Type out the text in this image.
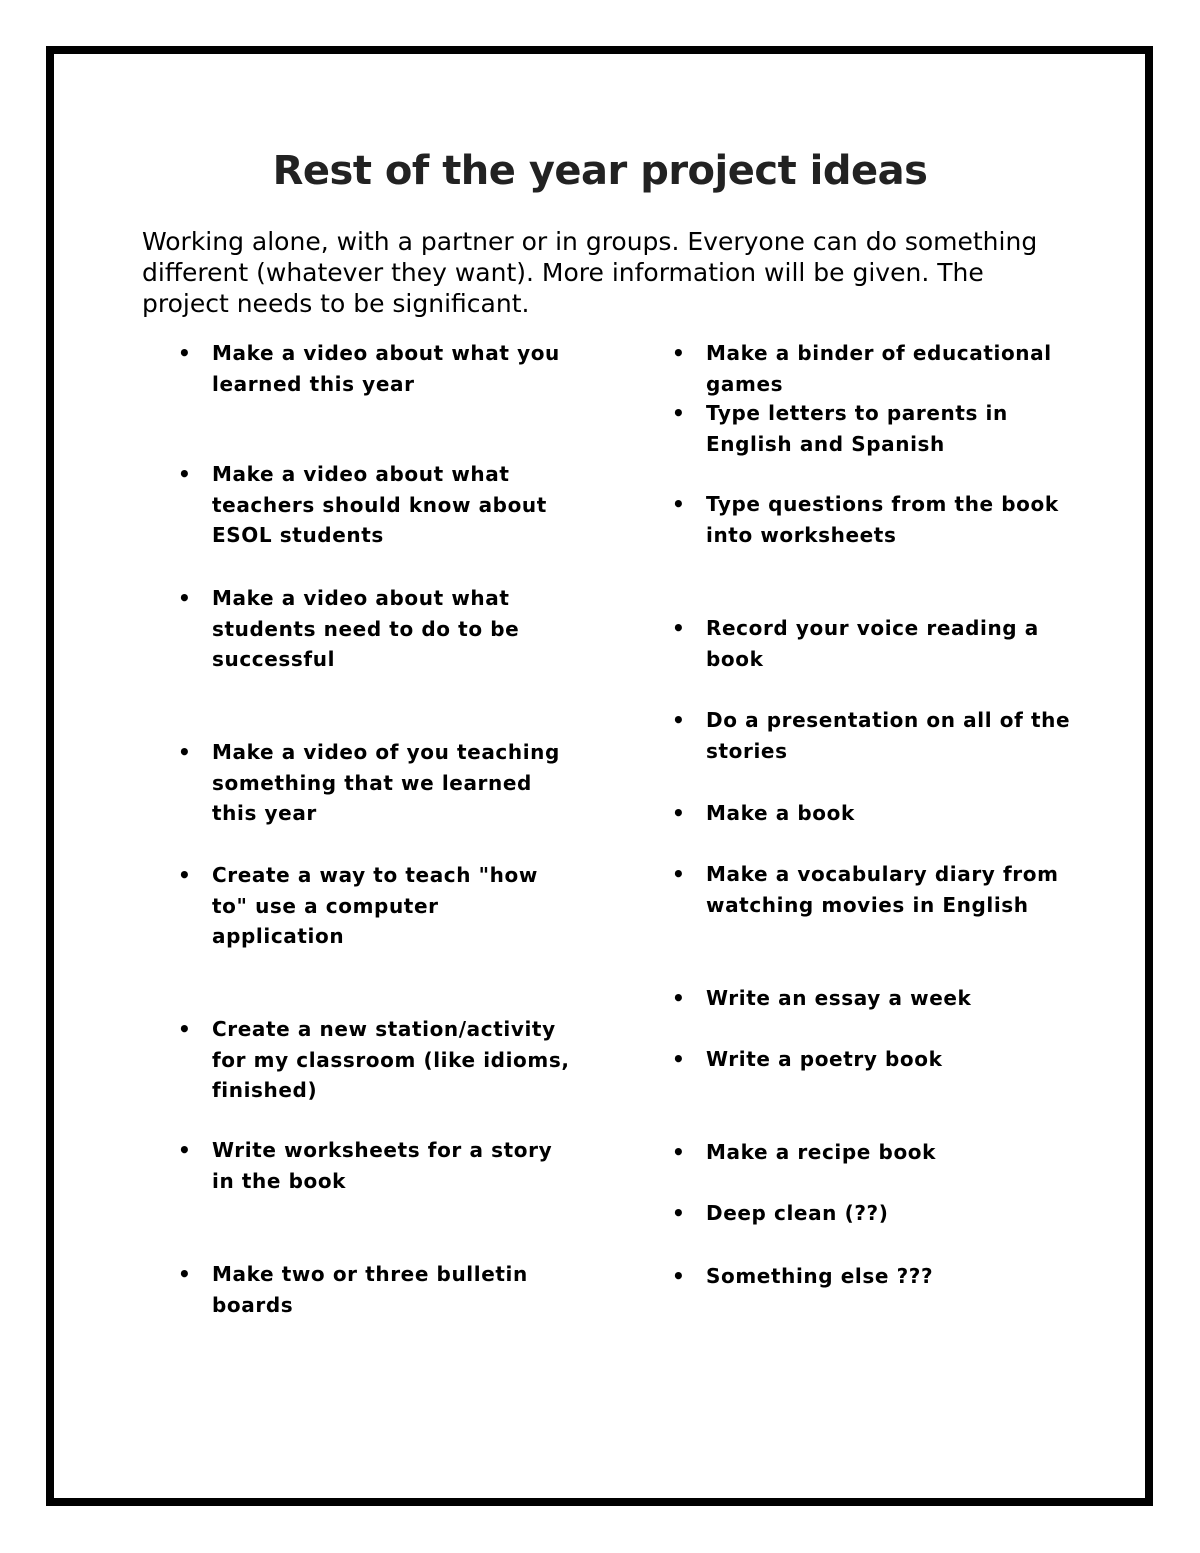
Rest of the year project ideas

Working alone, with a partner or in groups. Everyone can do something different (whatever they want). More information will be given. The project needs to be significant.

• Make a video about what you learned this year
• Make a video about what teachers should know about ESOL students
• Make a video about what students need to do to be successful
• Make a video of you teaching something that we learned this year
• Create a way to teach "how to" use a computer application
• Create a new station/activity for my classroom (like idioms, finished)
• Write worksheets for a story in the book
• Make two or three bulletin boards
• Make a binder of educational games
• Type letters to parents in English and Spanish
• Type questions from the book into worksheets
• Record your voice reading a book
• Do a presentation on all of the stories
• Make a book
• Make a vocabulary diary from watching movies in English
• Write an essay a week
• Write a poetry book
• Make a recipe book
• Deep clean (??)
• Something else ???
